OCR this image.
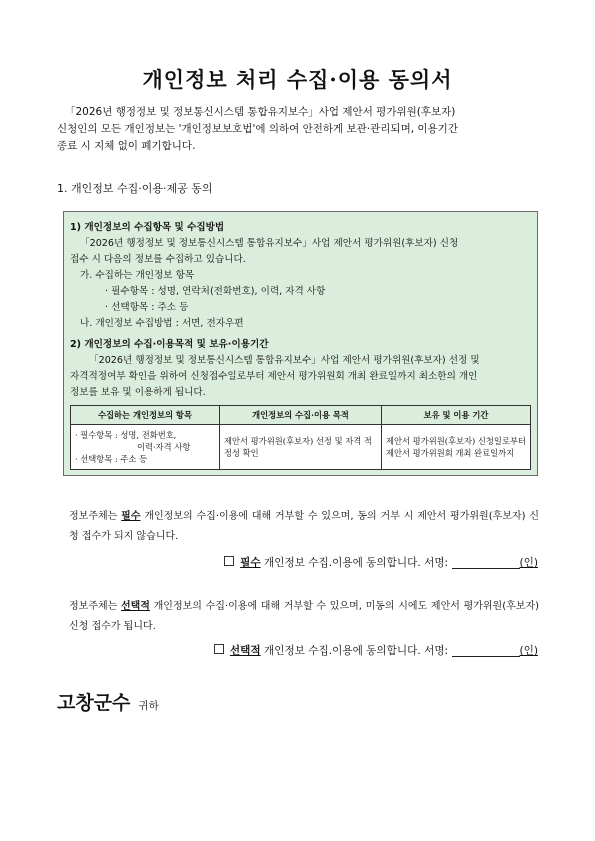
개인정보 처리 수집·이용 동의서
「2026년 행정정보 및 정보통신시스템 통합유지보수」사업 제안서 평가위원(후보자)
신청인의 모든 개인정보는 '개인정보보호법'에 의하여 안전하게 보관·관리되며, 이용기간
종료 시 지체 없이 폐기합니다.
1. 개인정보 수집·이용·제공 동의
1) 개인정보의 수집항목 및 수집방법
「2026년 행정정보 및 정보통신시스템 통합유지보수」사업 제안서 평가위원(후보자) 신청
접수 시 다음의 정보를 수집하고 있습니다.
가. 수집하는 개인정보 항목
· 필수항목 : 성명, 연락처(전화번호), 이력, 자격 사항
· 선택항목 : 주소 등
나. 개인정보 수집방법 : 서면, 전자우편
2) 개인정보의 수집·이용목적 및 보유·이용기간
「2026년 행정정보 및 정보통신시스템 통합유지보수」사업 제안서 평가위원(후보자) 선정 및
자격적정여부 확인을 위하여 신청접수일로부터 제안서 평가위원회 개최 완료일까지 최소한의 개인
정보를 보유 및 이용하게 됩니다.
수집하는 개인정보의 항목	개인정보의 수집·이용 목적	보유 및 이용 기간

· 필수항목 : 성명, 전화번호,
이력·자격 사항
· 선택항목 : 주소 등	제안서 평가위원(후보자) 선정 및 자격 적정성 확인	제안서 평가위원(후보자) 신청일로부터 제안서 평가위원회 개최 완료일까지
정보주체는 필수 개인정보의 수집·이용에 대해 거부할 수 있으며, 동의 거부 시 제안서 평가위원(후보자) 신청 접수가 되지 않습니다.
필수 개인정보 수집.이용에 동의합니다. 서명:	(인)
정보주체는 선택적 개인정보의 수집·이용에 대해 거부할 수 있으며, 미동의 시에도 제안서 평가위원(후보자) 신청 접수가 됩니다.
선택적 개인정보 수집.이용에 동의합니다. 서명:	(인)
고창군수 귀하
